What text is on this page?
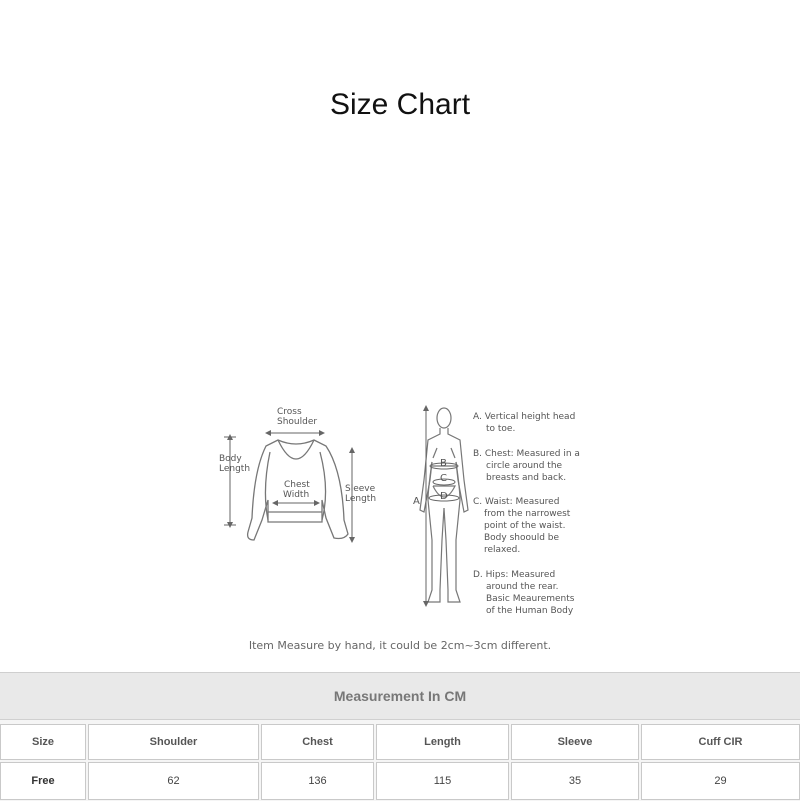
Size Chart
Cross
Shoulder
Body
Length
Chest
Width
Sleeve
Length	A
B
C
D
A. Vertical height head
to toe.
B. Chest: Measured in a
circle around the
breasts and back.
C. Waist: Measured
from the narrowest
point of the waist.
Body shoould be
relaxed.
D. Hips: Measured
around the rear.
Basic Meaurements
of the Human Body
Item Measure by hand, it could be 2cm~3cm different.
Measurement In CM
Size	Shoulder	Chest	Length	Sleeve	Cuff CIR
Free	62	136	115	35	29
